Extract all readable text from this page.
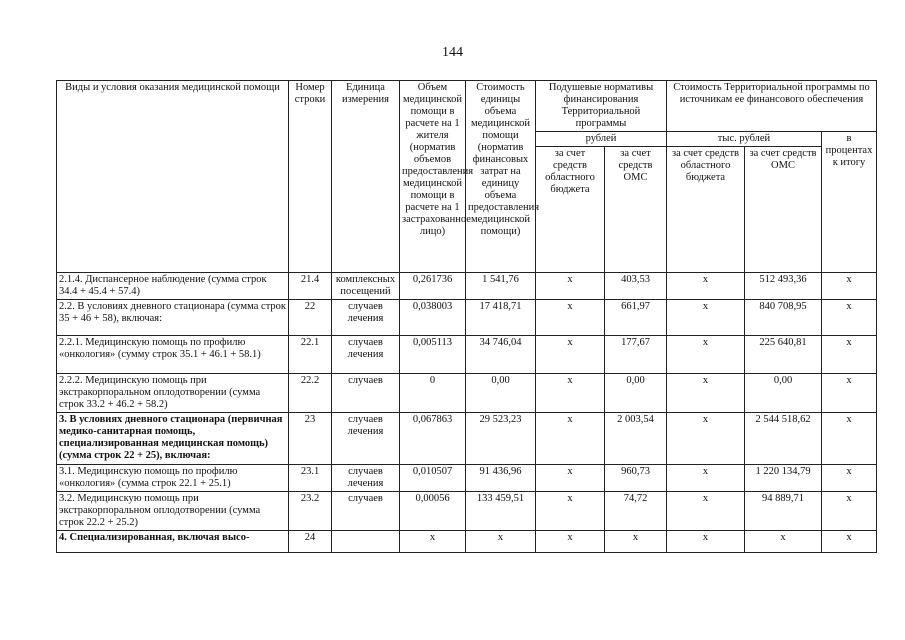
144
Виды и условия оказания медицинской помощи	Номер строки	Единица измерения	Объем медицинской помощи в расчете на 1 жителя (норматив объемов предоставления медицинской помощи в расчете на 1 застрахованное лицо)	Стоимость единицы объема медицинской помощи (норматив финансовых затрат на единицу объема предоставления медицинской помощи)	Подушевые нормативы финансирования Территориальной программы		Стоимость Территориальной программы по источникам ее финансового обеспечения		
					рублей		тыс. рублей		в процентах к итогу
					за счет средств областного бюджета	за счет средств ОМС	за счет средств областного бюджета	за счет средств ОМС	
2.1.4. Диспансерное наблюдение (сумма строк 34.4 + 45.4 + 57.4)	21.4	комплексных посещений	0,261736	1 541,76	x	403,53	x	512 493,36	x
2.2. В условиях дневного стационара (сумма строк 35 + 46 + 58), включая:	22	случаев лечения	0,038003	17 418,71	x	661,97	x	840 708,95	x
2.2.1. Медицинскую помощь по профилю «онкология» (сумму строк 35.1 + 46.1 + 58.1)	22.1	случаев лечения	0,005113	34 746,04	x	177,67	x	225 640,81	x
2.2.2. Медицинскую помощь при экстракорпоральном оплодотворении (сумма строк 33.2 + 46.2 + 58.2)	22.2	случаев	0	0,00	x	0,00	x	0,00	x
3. В условиях дневного стационара (первичная медико-санитарная помощь, специализированная медицинская помощь) (сумма строк 22 + 25), включая:	23	случаев лечения	0,067863	29 523,23	x	2 003,54	x	2 544 518,62	x
3.1. Медицинскую помощь по профилю «онкология» (сумма строк 22.1 + 25.1)	23.1	случаев лечения	0,010507	91 436,96	x	960,73	x	1 220 134,79	x
3.2. Медицинскую помощь при экстракорпоральном оплодотворении (сумма строк 22.2 + 25.2)	23.2	случаев	0,00056	133 459,51	x	74,72	x	94 889,71	x
4. Специализированная, включая высо-	24		x	x	x	x	x	x	x
